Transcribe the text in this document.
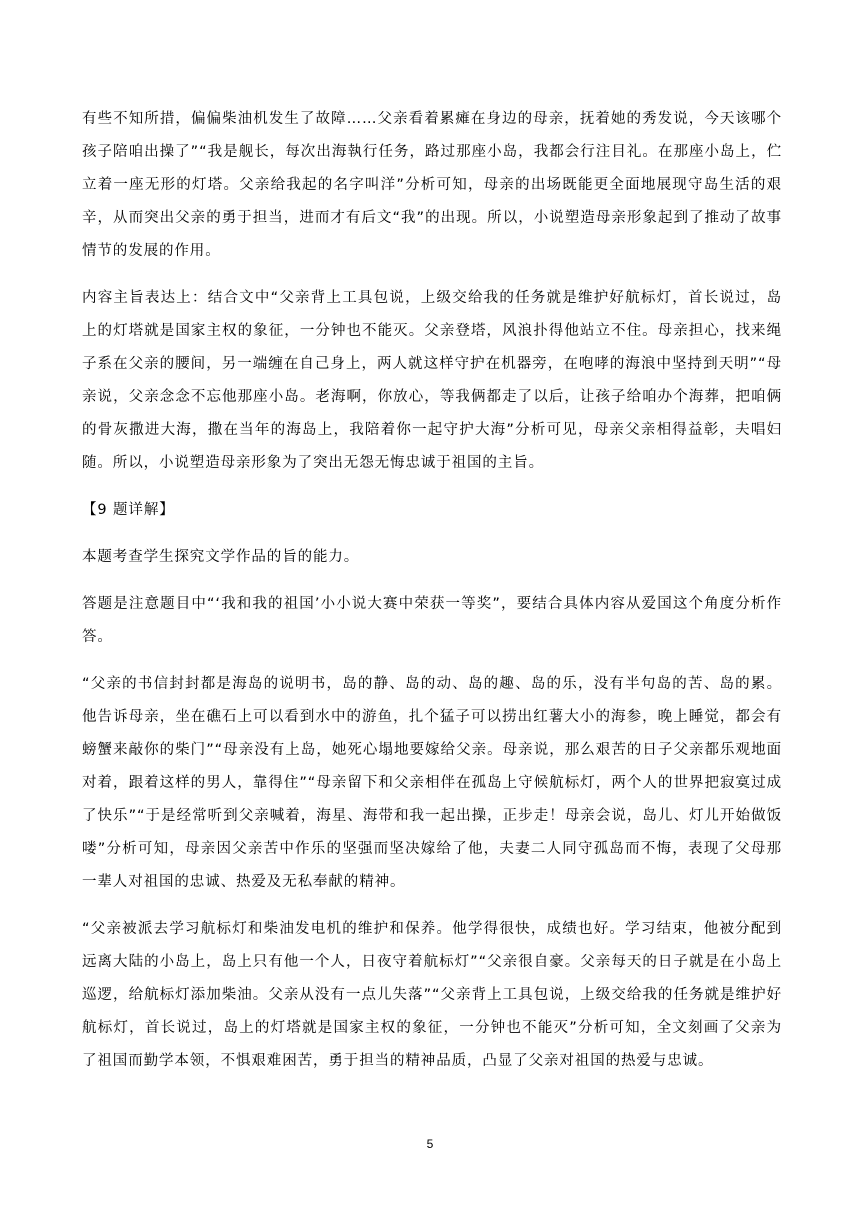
有些不知所措，偏偏柴油机发生了故障……父亲看着累瘫在身边的母亲，抚着她的秀发说，今天该哪个孩子陪咱出操了”“我是舰长，每次出海執行任务，路过那座小岛，我都会行注目礼。在那座小岛上，伫立着一座无形的灯塔。父亲给我起的名字叫洋”分析可知，母亲的出场既能更全面地展现守岛生活的艰辛，从而突出父亲的勇于担当，进而才有后文“我”的出现。所以，小说塑造母亲形象起到了推动了故事情节的发展的作用。

内容主旨表达上：结合文中“父亲背上工具包说，上级交给我的任务就是维护好航标灯，首长说过，岛上的灯塔就是国家主权的象征，一分钟也不能灭。父亲登塔，风浪扑得他站立不住。母亲担心，找来绳子系在父亲的腰间，另一端缠在自己身上，两人就这样守护在机器旁，在咆哮的海浪中坚持到天明”“母亲说，父亲念念不忘他那座小岛。老海啊，你放心，等我俩都走了以后，让孩子给咱办个海葬，把咱俩的骨灰撒进大海，撒在当年的海岛上，我陪着你一起守护大海”分析可见，母亲父亲相得益彰，夫唱妇随。所以，小说塑造母亲形象为了突出无怨无悔忠诚于祖国的主旨。

【9 题详解】

本题考查学生探究文学作品的旨的能力。

答题是注意题目中“‘我和我的祖国’小小说大赛中荣获一等奖”，要结合具体内容从爱国这个角度分析作答。

“父亲的书信封封都是海岛的说明书，岛的静、岛的动、岛的趣、岛的乐，没有半句岛的苦、岛的累。他告诉母亲，坐在礁石上可以看到水中的游鱼，扎个猛子可以捞出红薯大小的海参，晚上睡觉，都会有螃蟹来敲你的柴门”“母亲没有上岛，她死心塌地要嫁给父亲。母亲说，那么艰苦的日子父亲都乐观地面对着，跟着这样的男人，靠得住”“母亲留下和父亲相伴在孤岛上守候航标灯，两个人的世界把寂寞过成了快乐”“于是经常听到父亲喊着，海星、海带和我一起出操，正步走！母亲会说，岛儿、灯儿开始做饭喽”分析可知，母亲因父亲苦中作乐的坚强而坚决嫁给了他，夫妻二人同守孤岛而不悔，表现了父母那一辈人对祖国的忠诚、热爱及无私奉献的精神。

“父亲被派去学习航标灯和柴油发电机的维护和保养。他学得很快，成绩也好。学习结束，他被分配到远离大陆的小岛上，岛上只有他一个人，日夜守着航标灯”“父亲很自豪。父亲每天的日子就是在小岛上巡逻，给航标灯添加柴油。父亲从没有一点儿失落”“父亲背上工具包说，上级交给我的任务就是维护好航标灯，首长说过，岛上的灯塔就是国家主权的象征，一分钟也不能灭”分析可知，全文刻画了父亲为了祖国而勤学本领，不惧艰难困苦，勇于担当的精神品质，凸显了父亲对祖国的热爱与忠诚。

5
